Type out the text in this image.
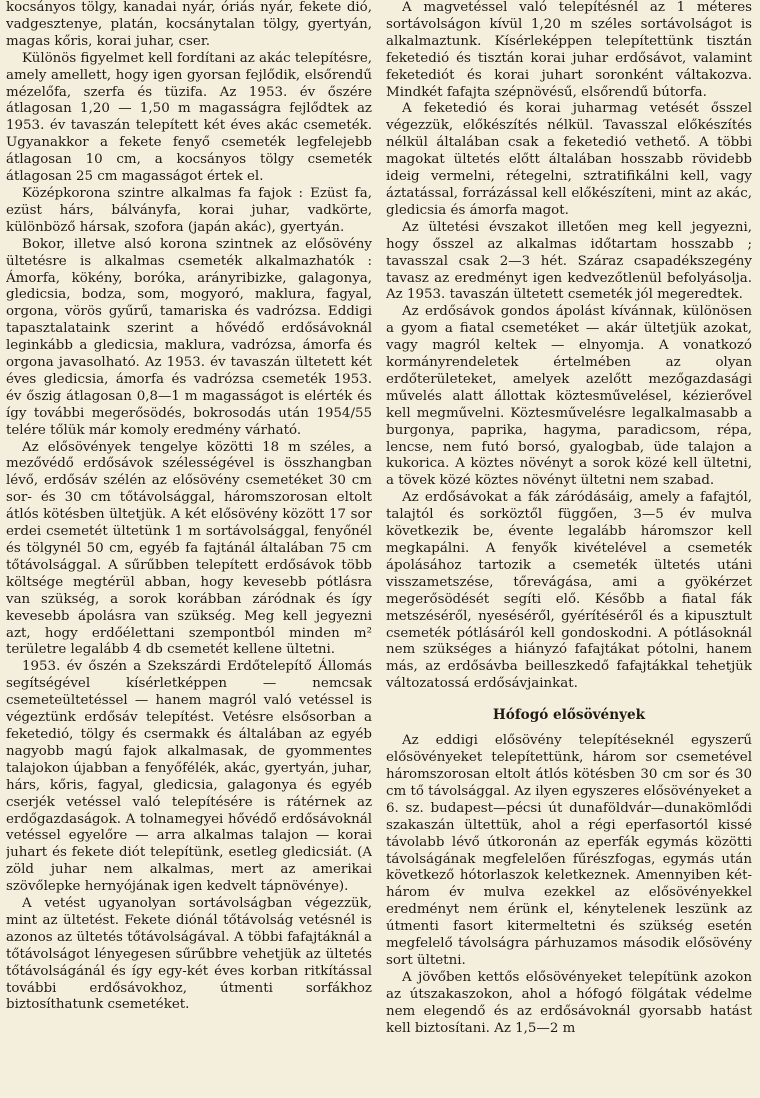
kocsányos tölgy, kanadai nyár, óriás nyár, fekete dió, vadgesztenye, platán, kocsánytalan tölgy, gyertyán, magas kőris, korai juhar, cser.

Különös figyelmet kell fordítani az akác telepítésre, amely amellett, hogy igen gyorsan fejlődik, elsőrendű mézelőfa, szerfa és tüzifa. Az 1953. év őszére átlagosan 1,20 — 1,50 m magasságra fejlődtek az 1953. év tavaszán telepített két éves akác csemeték. Ugyanakkor a fekete fenyő csemeték legfelejebb átlagosan 10 cm, a kocsányos tölgy csemeték átlagosan 25 cm magasságot értek el.

Középkorona szintre alkalmas fa fajok : Ezüst fa, ezüst hárs, bálványfa, korai juhar, vadkörte, különböző hársak, szofora (japán akác), gyertyán.

Bokor, illetve alsó korona szintnek az elősövény ültetésre is alkalmas csemeték alkalmazhatók : Ámorfa, kökény, boróka, arányribizke, galagonya, gledicsia, bodza, som, mogyoró, maklura, fagyal, orgona, vörös gyűrű, tamariska és vadrózsa. Eddigi tapasztalataink szerint a hővédő erdősávoknál leginkább a gledicsia, maklura, vadrózsa, ámorfa és orgona javasolható. Az 1953. év tavaszán ültetett két éves gledicsia, ámorfa és vadrózsa csemeték 1953. év őszig átlagosan 0,8—1 m magasságot is elérték és így további megerősödés, bokrosodás után 1954/55 telére tőlük már komoly eredmény várható.

Az elősövények tengelye közötti 18 m széles, a mezővédő erdősávok szélességével is összhangban lévő, erdősáv szélén az elősövény csemetéket 30 cm sor- és 30 cm tőtávolsággal, háromszorosan eltolt átlós kötésben ültetjük. A két elősövény között 17 sor erdei csemetét ültetünk 1 m sortávolsággal, fenyőnél és tölgynél 50 cm, egyéb fa fajtánál általában 75 cm tőtávolsággal. A sűrűbben telepített erdősávok több költsége megtérül abban, hogy kevesebb pótlásra van szükség, a sorok korábban záródnak és így kevesebb ápolásra van szükség. Meg kell jegyezni azt, hogy erdőélettani szempontból minden m² területre legalább 4 db csemetét kellene ültetni.

1953. év őszén a Szekszárdi Erdőtelepítő Állomás segítségével kísérletképpen — nemcsak csemeteültetéssel — hanem magról való vetéssel is végeztünk erdősáv telepítést. Vetésre elsősorban a feketedió, tölgy és csermakk és általában az egyéb nagyobb magú fajok alkalmasak, de gyommentes talajokon újabban a fenyőfélék, akác, gyertyán, juhar, hárs, kőris, fagyal, gledicsia, galagonya és egyéb cserjék vetéssel való telepítésére is rátérnek az erdőgazdaságok. A tolnamegyei hővédő erdősávoknál vetéssel egyelőre — arra alkalmas talajon — korai juhart és fekete diót telepítünk, esetleg gledicsiát. (A zöld juhar nem alkalmas, mert az amerikai szövőlepke hernyójának igen kedvelt tápnövénye).

A vetést ugyanolyan sortávolságban végezzük, mint az ültetést. Fekete diónál tőtávolság vetésnél is azonos az ültetés tőtávolságával. A többi fafajtáknál a tőtávolságot lényegesen sűrűbbre vehetjük az ültetés tőtávolságánál és így egy-két éves korban ritkítással további erdősávokhoz, útmenti sorfákhoz biztosíthatunk csemetéket.

A magvetéssel való telepítésnél az 1 méteres sortávolságon kívül 1,20 m széles sortávolságot is alkalmaztunk. Kísérleképpen telepítettünk tisztán feketedió és tisztán korai juhar erdősávot, valamint feketediót és korai juhart soronként váltakozva. Mindkét fafajta szépnövésű, elsőrendű bútorfa.

A feketedió és korai juharmag vetését ősszel végezzük, előkészítés nélkül. Tavasszal előkészítés nélkül általában csak a feketedió vethető. A többi magokat ültetés előtt általában hosszabb rövidebb ideig vermelni, rétegelni, sztratifikálni kell, vagy áztatással, forrázással kell előkészíteni, mint az akác, gledicsia és ámorfa magot.

Az ültetési évszakot illetően meg kell jegyezni, hogy ősszel az alkalmas időtartam hosszabb ; tavasszal csak 2—3 hét. Száraz csapadékszegény tavasz az eredményt igen kedvezőtlenül befolyásolja. Az 1953. tavaszán ültetett csemeték jól megeredtek.

Az erdősávok gondos ápolást kívánnak, különösen a gyom a fiatal csemetéket — akár ültetjük azokat, vagy magról keltek — elnyomja. A vonatkozó kormányrendeletek értelmében az olyan erdőterületeket, amelyek azelőtt mezőgazdasági művelés alatt állottak köztesművelésel, kézierővel kell megművelni. Köztesművelésre legalkalmasabb a burgonya, paprika, hagyma, paradicsom, répa, lencse, nem futó borsó, gyalogbab, üde talajon a kukorica. A köztes növényt a sorok közé kell ültetni, a tövek közé köztes növényt ültetni nem szabad.

Az erdősávokat a fák záródásáig, amely a fafajtól, talajtól és sorköztől függően, 3—5 év mulva következik be, évente legalább háromszor kell megkapálni. A fenyők kivételével a csemeték ápolásához tartozik a csemeték ültetés utáni visszametszése, tőrevágása, ami a gyökérzet megerősödését segíti elő. Később a fiatal fák metszéséről, nyeséséről, gyérítéséről és a kipusztult csemeték pótlásáról kell gondoskodni. A pótlásoknál nem szükséges a hiányzó fafajtákat pótolni, hanem más, az erdősávba beilleszkedő fafajtákkal tehetjük változatossá erdősávjainkat.

Hófogó elősövények

Az eddigi elősövény telepítéseknél egyszerű elősövényeket telepítettünk, három sor csemetével háromszorosan eltolt átlós kötésben 30 cm sor és 30 cm tő távolsággal. Az ilyen egyszeres elősövényeket a 6. sz. budapest—pécsi út dunaföldvár—dunakömlődi szakaszán ültettük, ahol a régi eperfasortól kissé távolabb lévő útkoronán az eperfák egymás közötti távolságának megfelelően fűrészfogas, egymás után következő hótorlaszok keletkeznek. Amennyiben két-három év mulva ezekkel az elősövényekkel eredményt nem érünk el, kénytelenek leszünk az útmenti fasort kitermeltetni és szükség esetén megfelelő távolságra párhuzamos második elősövény sort ültetni.

A jövőben kettős elősövényeket telepítünk azokon az útszakaszokon, ahol a hófogó fölgátak védelme nem elegendő és az erdősávoknál gyorsabb hatást kell biztosítani. Az 1,5—2 m
